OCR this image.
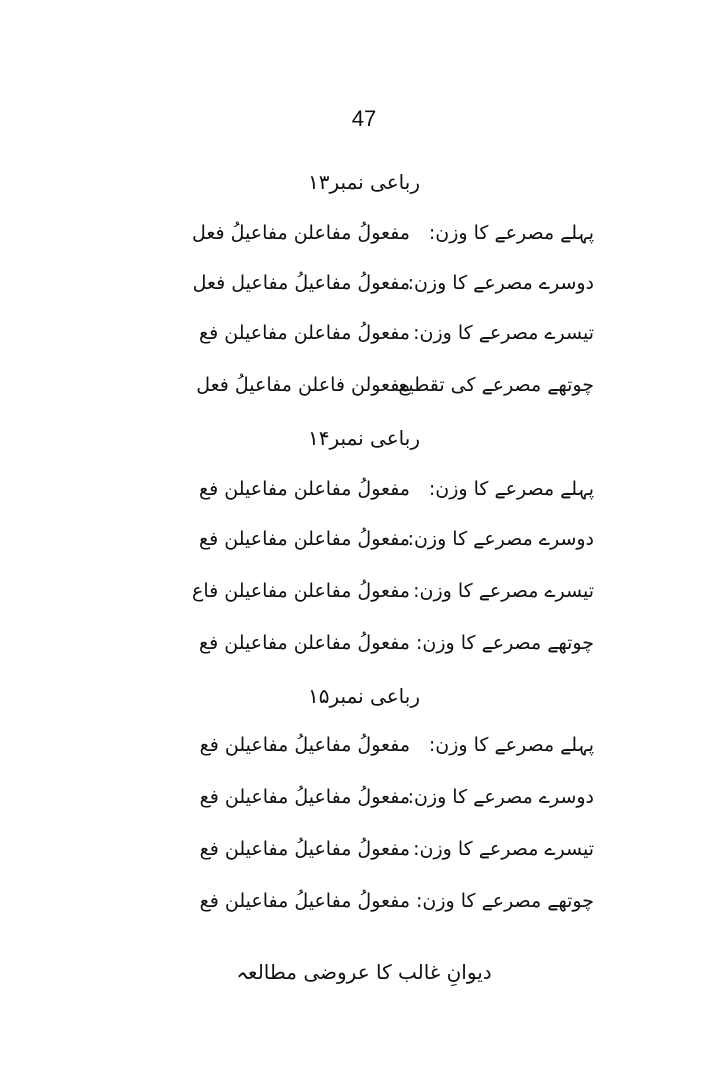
47
رباعی نمبر۱۳
پہلے مصرعے کا وزن:
مفعولُ مفاعلن مفاعیلُ فعل
دوسرے مصرعے کا وزن:
مفعولُ مفاعیلُ مفاعیل فعل
تیسرے مصرعے کا وزن:
مفعولُ مفاعلن مفاعیلن فع
چوتھے مصرعے کی تقطیع
مفعولن فاعلن مفاعیلُ فعل
رباعی نمبر۱۴
پہلے مصرعے کا وزن:
مفعولُ مفاعلن مفاعیلن فع
دوسرے مصرعے کا وزن:
مفعولُ مفاعلن مفاعیلن فع
تیسرے مصرعے کا وزن:
مفعولُ مفاعلن مفاعیلن فاع
چوتھے مصرعے کا وزن:
مفعولُ مفاعلن مفاعیلن فع
رباعی نمبر۱۵
پہلے مصرعے کا وزن:
مفعولُ مفاعیلُ مفاعیلن فع
دوسرے مصرعے کا وزن:
مفعولُ مفاعیلُ مفاعیلن فع
تیسرے مصرعے کا وزن:
مفعولُ مفاعیلُ مفاعیلن فع
چوتھے مصرعے کا وزن:
مفعولُ مفاعیلُ مفاعیلن فع
دیوانِ غالب کا عروضی مطالعہ
